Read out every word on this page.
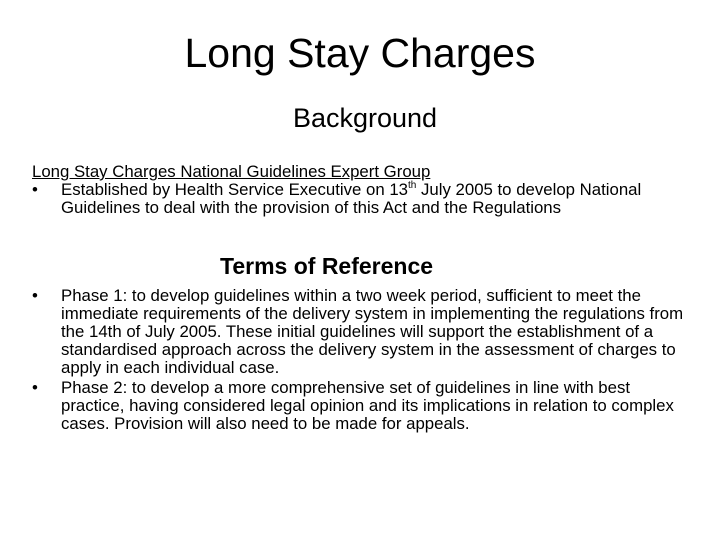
Long Stay Charges
Background
Long Stay Charges National Guidelines Expert Group
•	Established by Health Service Executive on 13th July 2005 to develop National Guidelines to deal with the provision of this Act and the Regulations
Terms of Reference
•	Phase 1: to develop guidelines within a two week period, sufficient to meet the immediate requirements of the delivery system in implementing the regulations from the 14th of July 2005. These initial guidelines will support the establishment of a standardised approach across the delivery system in the assessment of charges to apply in each individual case.
•	Phase 2: to develop a more comprehensive set of guidelines in line with best practice, having considered legal opinion and its implications in relation to complex cases. Provision will also need to be made for appeals.
